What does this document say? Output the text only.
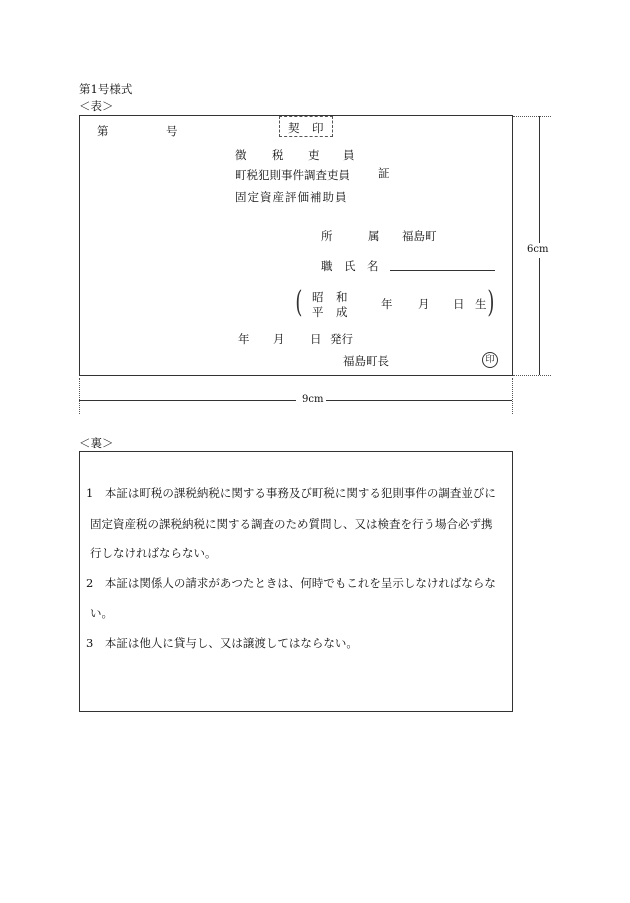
第1号様式
＜表＞
第	号	契 印
徴 税 吏 員
町税犯則事件調査吏員 証
固定資産評価補助員
所	属 福島町
職 氏 名
(	)
昭 和
平 成
年 月 日 生
年 月 日 発行
福島町長	印
6cm
9cm
＜裏＞
1　本証は町税の課税納税に関する事務及び町税に関する犯則事件の調査並びに
固定資産税の課税納税に関する調査のため質問し、又は検査を行う場合必ず携
行しなければならない。
2　本証は関係人の請求があつたときは、何時でもこれを呈示しなければならな
い。
3　本証は他人に貸与し、又は譲渡してはならない。
